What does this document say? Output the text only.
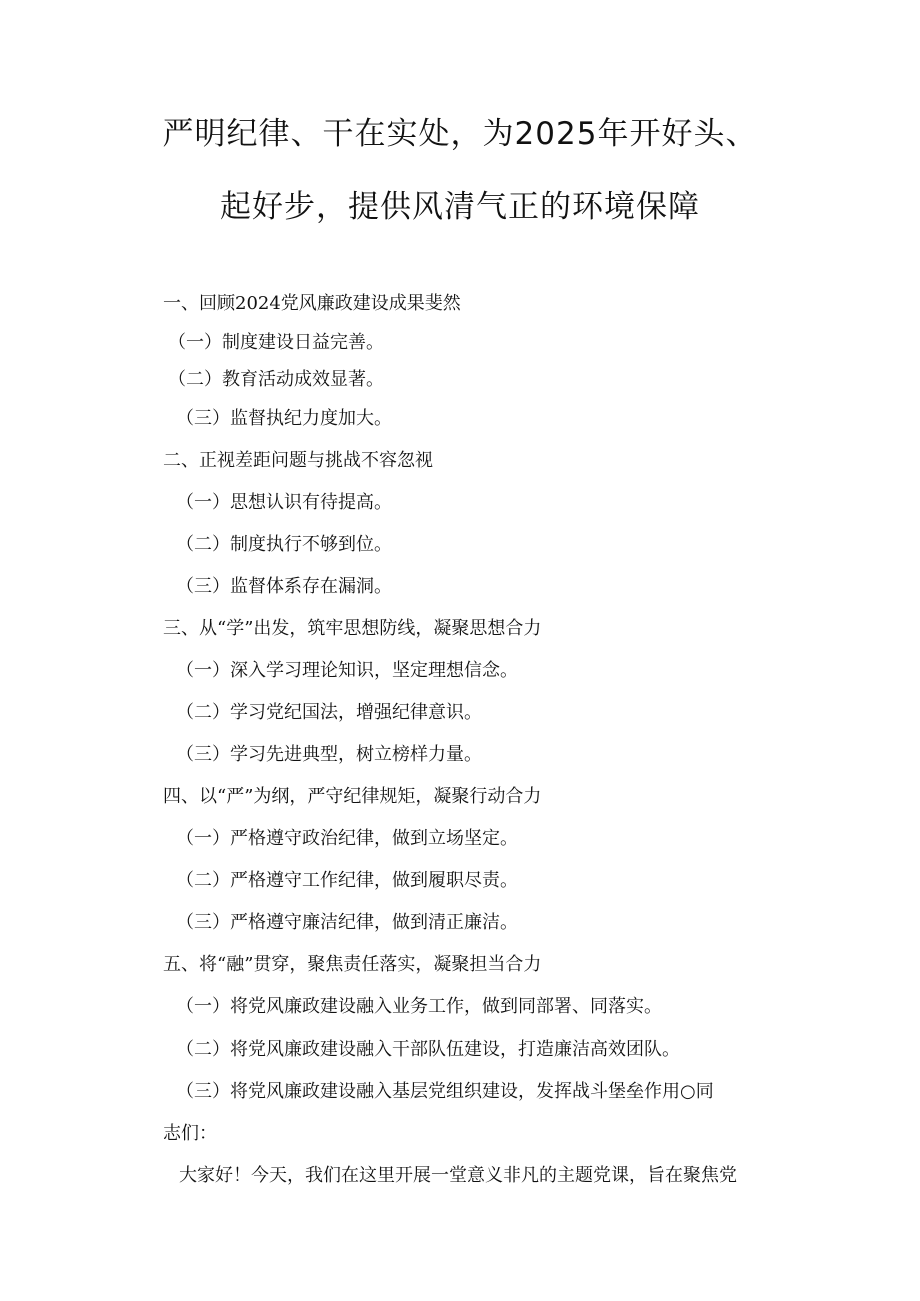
严明纪律、干在实处，为2025年开好头、
起好步，提供风清气正的环境保障
一、回顾2024党风廉政建设成果斐然
（一）制度建设日益完善。
（二）教育活动成效显著。
（三）监督执纪力度加大。
二、正视差距问题与挑战不容忽视
（一）思想认识有待提高。
（二）制度执行不够到位。
（三）监督体系存在漏洞。
三、从“学”出发，筑牢思想防线，凝聚思想合力
（一）深入学习理论知识，坚定理想信念。
（二）学习党纪国法，增强纪律意识。
（三）学习先进典型，树立榜样力量。
四、以“严”为纲，严守纪律规矩，凝聚行动合力
（一）严格遵守政治纪律，做到立场坚定。
（二）严格遵守工作纪律，做到履职尽责。
（三）严格遵守廉洁纪律，做到清正廉洁。
五、将“融”贯穿，聚焦责任落实，凝聚担当合力
（一）将党风廉政建设融入业务工作，做到同部署、同落实。
（二）将党风廉政建设融入干部队伍建设，打造廉洁高效团队。
（三）将党风廉政建设融入基层党组织建设，发挥战斗堡垒作用○同
志们：
大家好！今天，我们在这里开展一堂意义非凡的主题党课，旨在聚焦党
